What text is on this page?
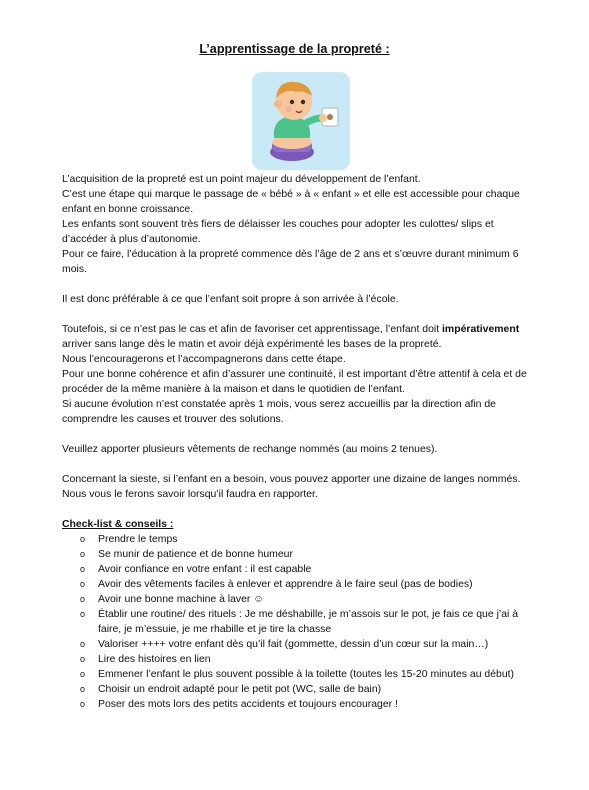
L’apprentissage de la propreté :

L’acquisition de la propreté est un point majeur du développement de l’enfant.

C’est une étape qui marque le passage de « bébé » à « enfant » et elle est accessible pour chaque enfant en bonne croissance.

Les enfants sont souvent très fiers de délaisser les couches pour adopter les culottes/ slips et d’accéder à plus d’autonomie.

Pour ce faire, l’éducation à la propreté commence dès l’âge de 2 ans et s’œuvre durant minimum 6 mois.

Il est donc préférable à ce que l’enfant soit propre à son arrivée à l’école.

Toutefois, si ce n’est pas le cas et afin de favoriser cet apprentissage, l’enfant doit impérativement arriver sans lange dès le matin et avoir déjà expérimenté les bases de la propreté.

Nous l’encouragerons et l’accompagnerons dans cette étape.

Pour une bonne cohérence et afin d’assurer une continuité, il est important d’être attentif à cela et de procéder de la même manière à la maison et dans le quotidien de l’enfant.

Si aucune évolution n’est constatée après 1 mois, vous serez accueillis par la direction afin de comprendre les causes et trouver des solutions.

Veuillez apporter plusieurs vêtements de rechange nommés (au moins 2 tenues).

Concernant la sieste, si l’enfant en a besoin, vous pouvez apporter une dizaine de langes nommés. Nous vous le ferons savoir lorsqu’il faudra en rapporter.

Check-list & conseils :

o Prendre le temps
o Se munir de patience et de bonne humeur
o Avoir confiance en votre enfant : il est capable
o Avoir des vêtements faciles à enlever et apprendre à le faire seul (pas de bodies)
o Avoir une bonne machine à laver ☺
o Établir une routine/ des rituels : Je me déshabille, je m’assois sur le pot, je fais ce que j’ai à faire, je m’essuie, je me rhabille et je tire la chasse
o Valoriser ++++ votre enfant dès qu’il fait (gommette, dessin d’un cœur sur la main…)
o Lire des histoires en lien
o Emmener l’enfant le plus souvent possible à la toilette (toutes les 15-20 minutes au début)
o Choisir un endroit adapté pour le petit pot (WC, salle de bain)
o Poser des mots lors des petits accidents et toujours encourager !
